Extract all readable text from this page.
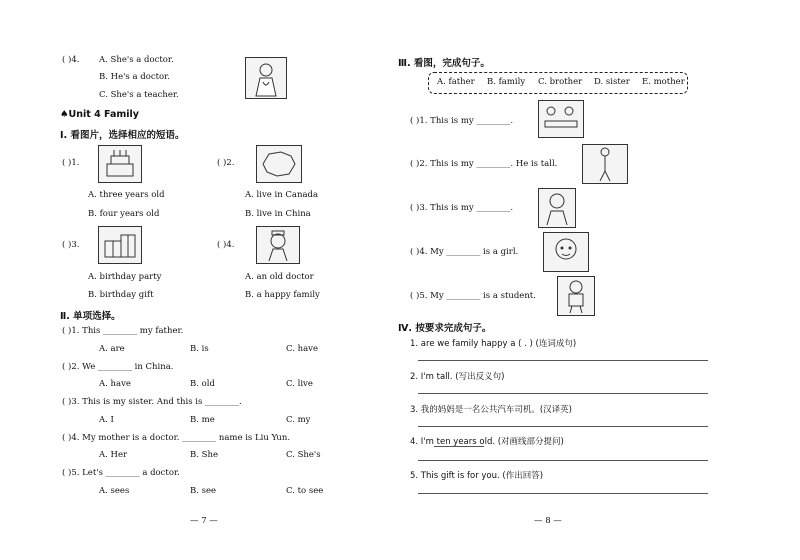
( )4. A. She's a doctor.
B. He's a doctor.
C. She's a teacher.
♠Unit 4 Family
Ⅰ. 看图片，选择相应的短语。
( )1.
A. three years old
B. four years old
( )2.
A. live in Canada
B. live in China
( )3.
A. birthday party
B. birthday gift
( )4.
A. an old doctor
B. a happy family
Ⅱ. 单项选择。
( )1. This ________ my father.
A. are	B. is	C. have
( )2. We ________ in China.
A. have	B. old	C. live
( )3. This is my sister. And this is ________.
A. I	B. me	C. my
( )4. My mother is a doctor. ________ name is Liu Yun.
A. Her	B. She	C. She's
( )5. Let's ________ a doctor.
A. sees	B. see	C. to see
— 7 —
Ⅲ. 看图，完成句子。
A. father B. family C. brother D. sister E. mother
( )1. This is my ________.
( )2. This is my ________. He is tall.
( )3. This is my ________.
( )4. My ________ is a girl.
( )5. My ________ is a student.
Ⅳ. 按要求完成句子。
1. are we family happy a ( . ) (连词成句)
2. I'm tall. (写出反义句)
3. 我的妈妈是一名公共汽车司机。(汉译英)
4. I'm ten years old. (对画线部分提问)
5. This gift is for you. (作出回答)
— 8 —
